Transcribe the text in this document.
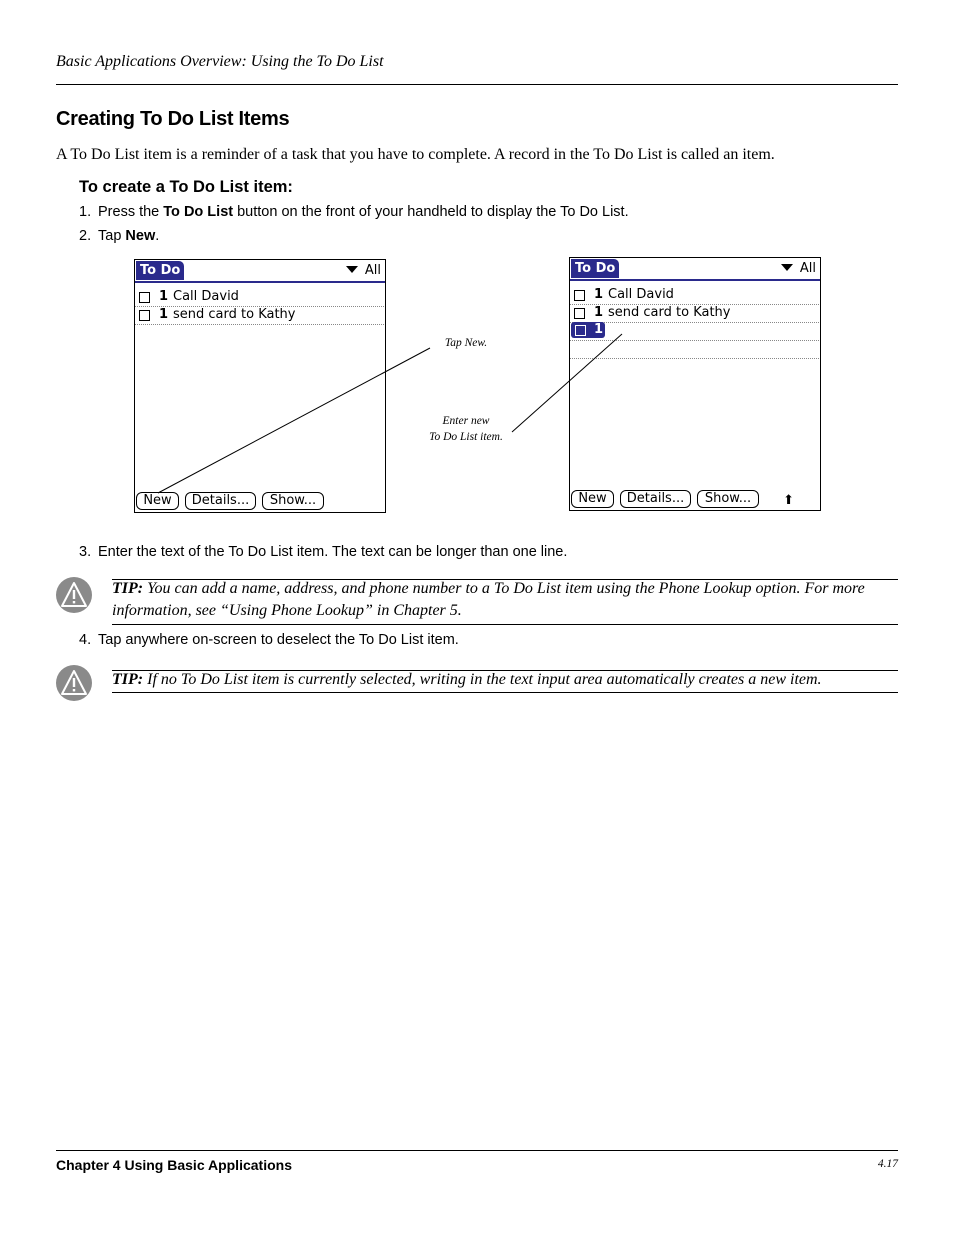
Basic Applications Overview: Using the To Do List
Creating To Do List Items
A To Do List item is a reminder of a task that you have to complete. A record in the To Do List is called an item.
To create a To Do List item:
1. Press the To Do List button on the front of your handheld to display the To Do List.
2. Tap New.
To Do	All
1 Call David
1 send card to Kathy
New	Details...	Show...
To Do	All
1 Call David
1 send card to Kathy
1
New	Details...	Show...	⬆
Tap New.
Enter new
To Do List item.
3. Enter the text of the To Do List item. The text can be longer than one line.
TIP: You can add a name, address, and phone number to a To Do List item using the Phone Lookup option. For more information, see “Using Phone Lookup” in Chapter 5.
4. Tap anywhere on-screen to deselect the To Do List item.
TIP: If no To Do List item is currently selected, writing in the text input area automatically creates a new item.
Chapter 4 Using Basic Applications	4.17
